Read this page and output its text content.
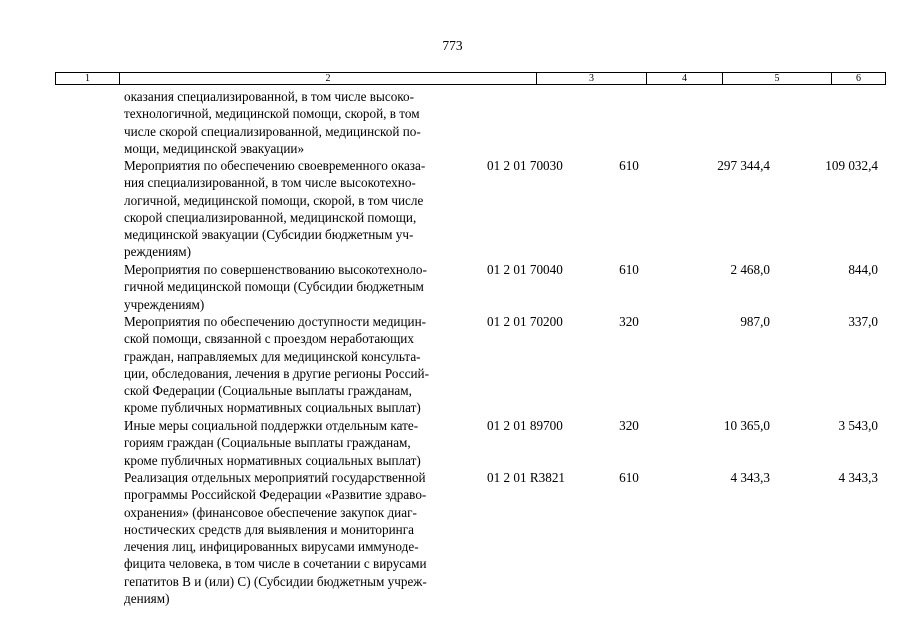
773
1	2	3	4	5	6
оказания специализированной, в том числе высоко-
технологичной, медицинской помощи, скорой, в том
числе скорой специализированной, медицинской по-
мощи, медицинской эвакуации»
Мероприятия по обеспечению своевременного оказа-
ния специализированной, в том числе высокотехно-
логичной, медицинской помощи, скорой, в том числе
скорой специализированной, медицинской помощи,
медицинской эвакуации (Субсидии бюджетным уч-
реждениям)
01 2 01 70030	610	297 344,4	109 032,4
Мероприятия по совершенствованию высокотехноло-
гичной медицинской помощи (Субсидии бюджетным
учреждениям)
01 2 01 70040	610	2 468,0	844,0
Мероприятия по обеспечению доступности медицин-
ской помощи, связанной с проездом неработающих
граждан, направляемых для медицинской консульта-
ции, обследования, лечения в другие регионы Россий-
ской Федерации (Социальные выплаты гражданам,
кроме публичных нормативных социальных выплат)
01 2 01 70200	320	987,0	337,0
Иные меры социальной поддержки отдельным кате-
гориям граждан (Социальные выплаты гражданам,
кроме публичных нормативных социальных выплат)
01 2 01 89700	320	10 365,0	3 543,0
Реализация отдельных мероприятий государственной
программы Российской Федерации «Развитие здраво-
охранения» (финансовое обеспечение закупок диаг-
ностических средств для выявления и мониторинга
лечения лиц, инфицированных вирусами иммуноде-
фицита человека, в том числе в сочетании с вирусами
гепатитов В и (или) С) (Субсидии бюджетным учреж-
дениям)
01 2 01 R3821	610	4 343,3	4 343,3
